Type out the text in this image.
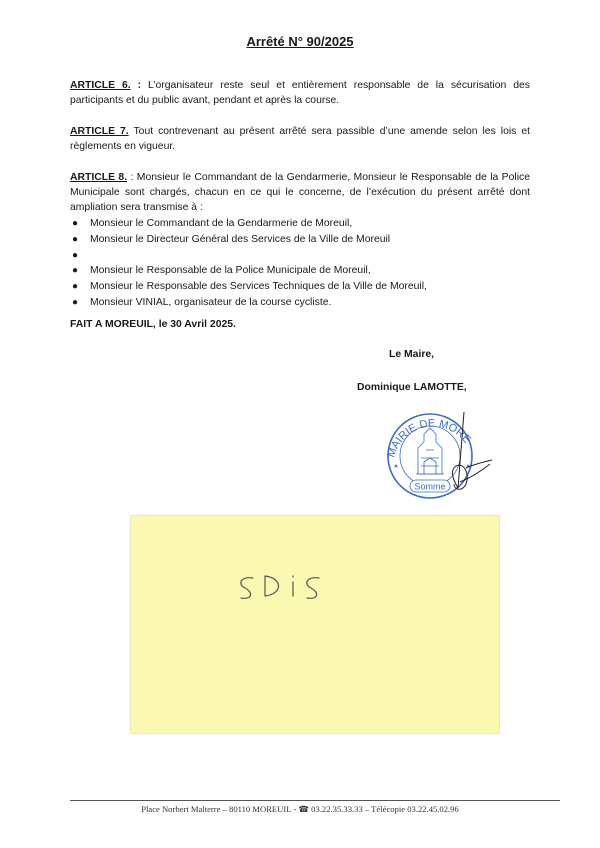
Arrêté N° 90/2025

ARTICLE 6. : L’organisateur reste seul et entièrement responsable de la sécurisation des participants et du public avant, pendant et après la course.

ARTICLE 7. Tout contrevenant au présent arrêté sera passible d’une amende selon les lois et règlements en vigueur.

ARTICLE 8. : Monsieur le Commandant de la Gendarmerie, Monsieur le Responsable de la Police Municipale sont chargés, chacun en ce qui le concerne, de l’exécution du présent arrêté dont ampliation sera transmise à :

● Monsieur le Commandant de la Gendarmerie de Moreuil,
● Monsieur le Directeur Général des Services de la Ville de Moreuil
●
● Monsieur le Responsable de la Police Municipale de Moreuil,
● Monsieur le Responsable des Services Techniques de la Ville de Moreuil,
● Monsieur VINIAL, organisateur de la course cycliste.
FAIT A MOREUIL, le 30 Avril 2025.
Le Maire,
Dominique LAMOTTE,
MAIRIE DE MORE
Somme
Place Norbert Malterre – 80110 MOREUIL - ☎ 03.22.35.33.33 – Télécopie 03.22.45.02.96
